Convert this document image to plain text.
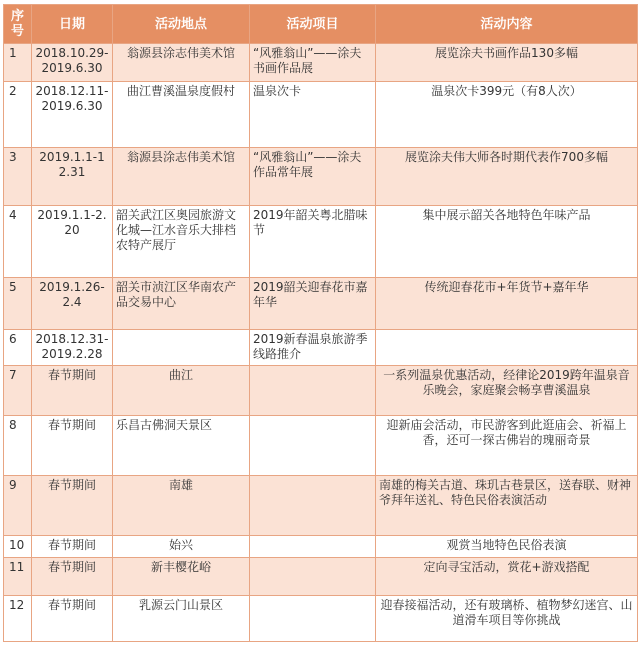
序号	日期	活动地点	活动项目	活动内容
1	2018.10.29-2019.6.30	翁源县涂志伟美术馆	“风雅翁山”——涂夫书画作品展	展览涂夫书画作品130多幅
2	2018.12.11-2019.6.30	曲江曹溪温泉度假村	温泉次卡	温泉次卡399元（有8人次）
3	2019.1.1-12.31	翁源县涂志伟美术馆	“风雅翁山”——涂夫作品常年展	展览涂夫伟大师各时期代表作700多幅
4	2019.1.1-2.20	韶关武江区奥园旅游文化城—江水音乐大排档农特产展厅	2019年韶关粤北腊味节	集中展示韶关各地特色年味产品
5	2019.1.26-2.4	韶关市浈江区华南农产品交易中心	2019韶关迎春花市嘉年华	传统迎春花市+年货节+嘉年华
6	2018.12.31-2019.2.28		2019新春温泉旅游季线路推介	
7	春节期间	曲江		一系列温泉优惠活动，经律论2019跨年温泉音乐晚会，家庭聚会畅享曹溪温泉
8	春节期间	乐昌古佛洞天景区		迎新庙会活动，市民游客到此逛庙会、祈福上香，还可一探古佛岩的瑰丽奇景
9	春节期间	南雄		南雄的梅关古道、珠玑古巷景区，送春联、财神爷拜年送礼、特色民俗表演活动
10	春节期间	始兴		观赏当地特色民俗表演
11	春节期间	新丰樱花峪		定向寻宝活动，赏花+游戏搭配
12	春节期间	乳源云门山景区		迎春接福活动，还有玻璃桥、植物梦幻迷宫、山道滑车项目等你挑战
